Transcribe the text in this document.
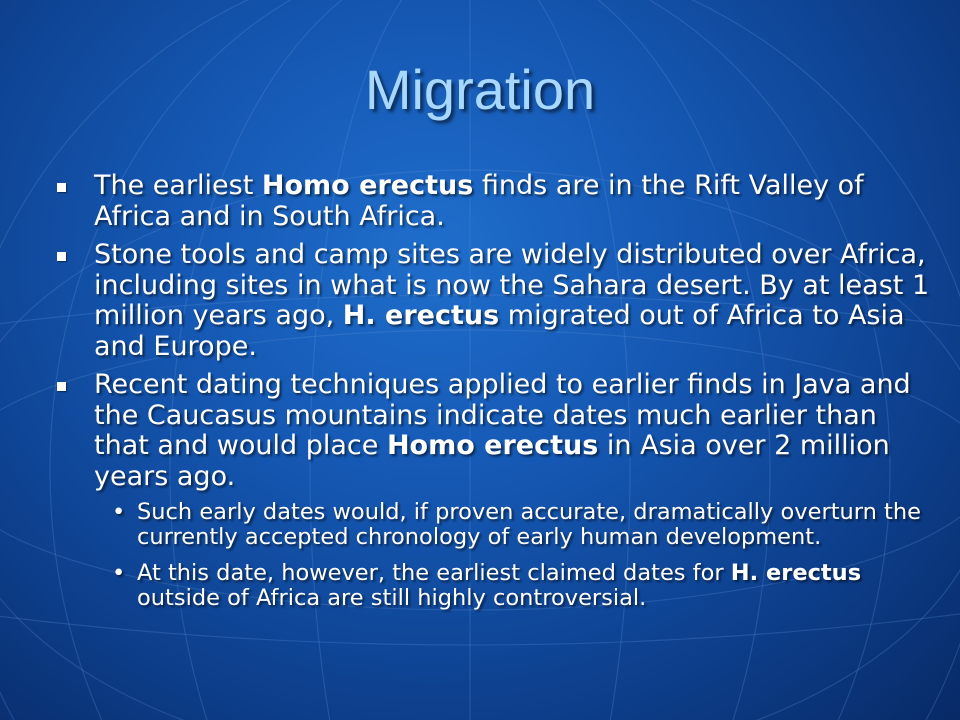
Migration
The earliest Homo erectus finds are in the Rift Valley of Africa and in South Africa.
Stone tools and camp sites are widely distributed over Africa, including sites in what is now the Sahara desert. By at least 1 million years ago, H. erectus migrated out of Africa to Asia and Europe.
Recent dating techniques applied to earlier finds in Java and the Caucasus mountains indicate dates much earlier than that and would place Homo erectus in Asia over 2 million years ago.
• Such early dates would, if proven accurate, dramatically overturn the currently accepted chronology of early human development.
• At this date, however, the earliest claimed dates for H. erectus outside of Africa are still highly controversial.
